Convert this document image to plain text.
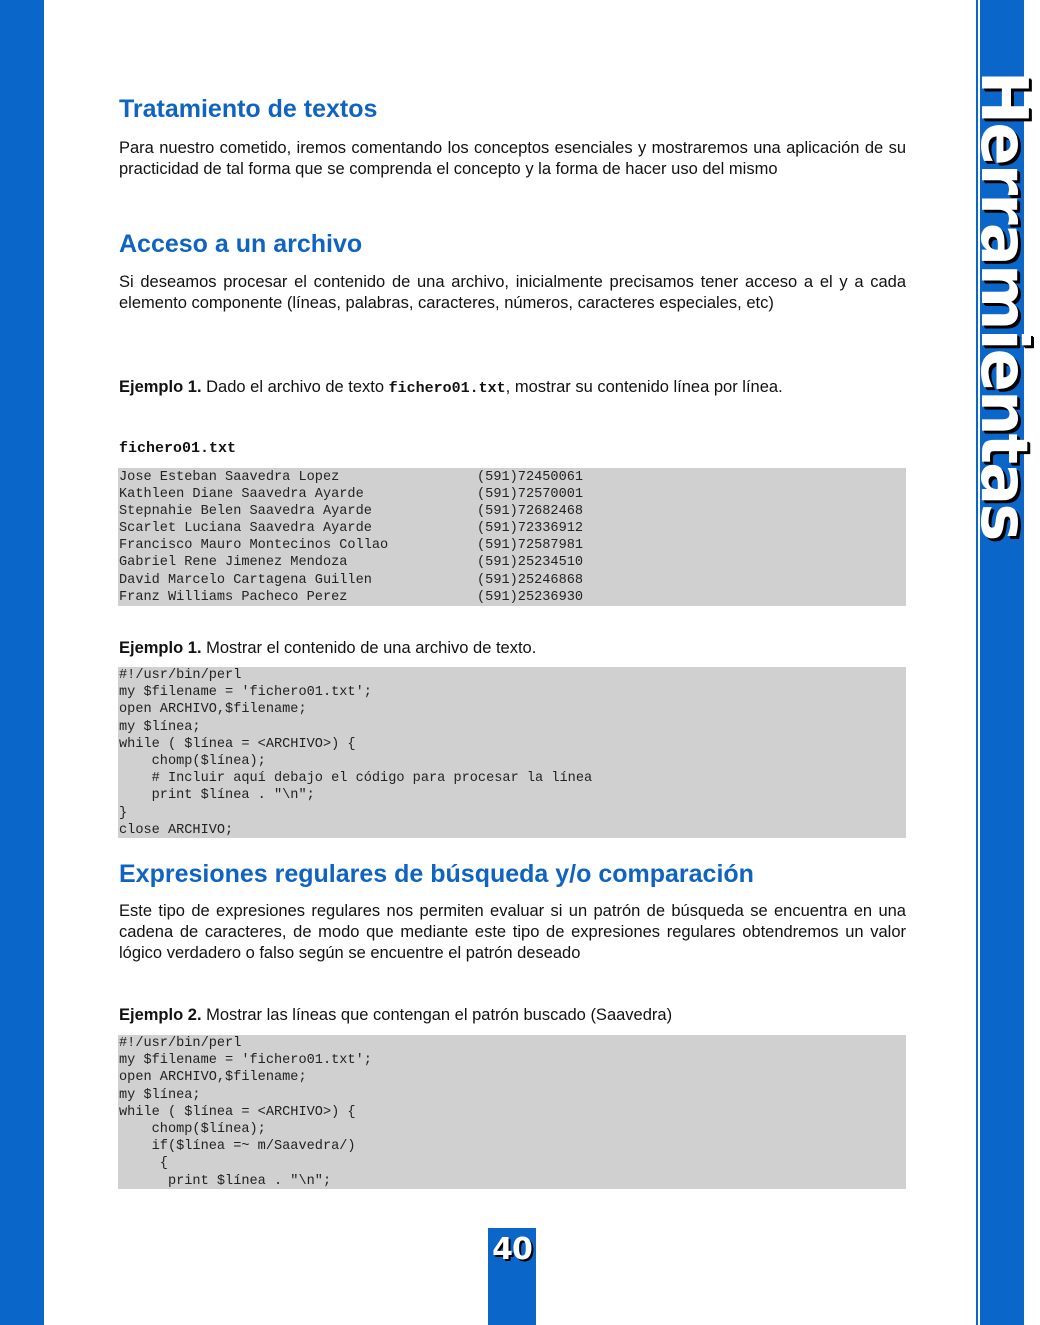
Herramientas
Tratamiento de textos

Para nuestro cometido, iremos comentando los conceptos esenciales y mostraremos una aplicación de su practicidad de tal forma que se comprenda el concepto y la forma de hacer uso del mismo

Acceso a un archivo

Si deseamos procesar el contenido de una archivo, inicialmente precisamos tener acceso a el y a cada elemento componente (líneas, palabras, caracteres, números, caracteres especiales, etc)

Ejemplo 1. Dado el archivo de texto fichero01.txt, mostrar su contenido línea por línea.

fichero01.txt
Jose Esteban Saavedra Lopez	(591)72450061
Kathleen Diane Saavedra Ayarde	(591)72570001
Stepnahie Belen Saavedra Ayarde	(591)72682468
Scarlet Luciana Saavedra Ayarde	(591)72336912
Francisco Mauro Montecinos Collao	(591)72587981
Gabriel Rene Jimenez Mendoza	(591)25234510
David Marcelo Cartagena Guillen	(591)25246868
Franz Williams Pacheco Perez	(591)25236930

Ejemplo 1. Mostrar el contenido de una archivo de texto.

#!/usr/bin/perl
my $filename = 'fichero01.txt';
open ARCHIVO,$filename;
my $línea;
while ( $línea = <ARCHIVO>) {
chomp($línea);
# Incluir aquí debajo el código para procesar la línea
print $línea . "\n";
}
close ARCHIVO;
Expresiones regulares de búsqueda y/o comparación

Este tipo de expresiones regulares nos permiten evaluar si un patrón de búsqueda se encuentra en una cadena de caracteres, de modo que mediante este tipo de expresiones regulares obtendremos un valor lógico verdadero o falso según se encuentre el patrón deseado

Ejemplo 2. Mostrar las líneas que contengan el patrón buscado (Saavedra)

#!/usr/bin/perl
my $filename = 'fichero01.txt';
open ARCHIVO,$filename;
my $línea;
while ( $línea = <ARCHIVO>) {
chomp($línea);
if($línea =~ m/Saavedra/)
{
print $línea . "\n";
40
